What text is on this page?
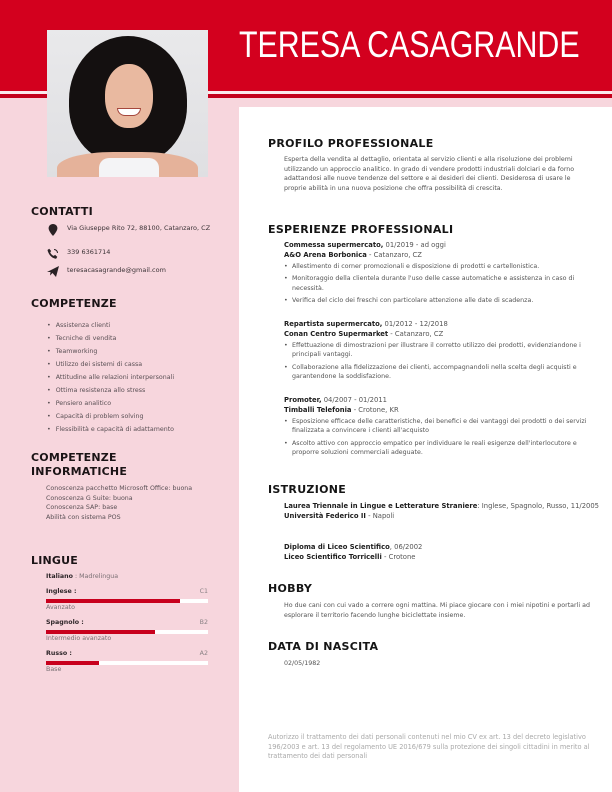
TERESA CASAGRANDE
CONTATTI
Via Giuseppe Rito 72, 88100, Catanzaro, CZ
339 6361714
teresacasagrande@gmail.com
COMPETENZE
• Assistenza clienti
• Tecniche di vendita
• Teamworking
• Utilizzo dei sistemi di cassa
• Attitudine alle relazioni interpersonali
• Ottima resistenza allo stress
• Pensiero analitico
• Capacità di problem solving
• Flessibilità e capacità di adattamento
COMPETENZE
INFORMATICHE
Conoscenza pacchetto Microsoft Office: buona
Conoscenza G Suite: buona
Conoscenza SAP: base
Abilità con sistema POS
LINGUE
Italiano : Madrelingua
Inglese :	C1
Avanzato
Spagnolo :	B2
Intermedio avanzato
Russo :	A2
Base
PROFILO PROFESSIONALE
Esperta della vendita al dettaglio, orientata al servizio clienti e alla risoluzione dei problemi utilizzando un approccio analitico. In grado di vendere prodotti industriali dolciari e da forno adattandosi alle nuove tendenze del settore e ai desideri dei clienti. Desiderosa di usare le proprie abilità in una nuova posizione che offra possibilità di crescita.
ESPERIENZE PROFESSIONALI
Commessa supermercato, 01/2019 - ad oggi
A&O Arena Borbonica - Catanzaro, CZ
• Allestimento di corner promozionali e disposizione di prodotti e cartellonistica.
• Monitoraggio della clientela durante l'uso delle casse automatiche e assistenza in caso di necessità.
• Verifica del ciclo dei freschi con particolare attenzione alle date di scadenza.
Repartista supermercato, 01/2012 - 12/2018
Conan Centro Supermarket - Catanzaro, CZ
• Effettuazione di dimostrazioni per illustrare il corretto utilizzo dei prodotti, evidenziandone i principali vantaggi.
• Collaborazione alla fidelizzazione dei clienti, accompagnandoli nella scelta degli acquisti e garantendone la soddisfazione.
Promoter, 04/2007 - 01/2011
Timballi Telefonia - Crotone, KR
• Esposizione efficace delle caratteristiche, dei benefici e dei vantaggi dei prodotti o dei servizi finalizzata a convincere i clienti all'acquisto
• Ascolto attivo con approccio empatico per individuare le reali esigenze dell'interlocutore e proporre soluzioni commerciali adeguate.
ISTRUZIONE
Laurea Triennale in Lingue e Letterature Straniere: Inglese, Spagnolo, Russo, 11/2005
Università Federico II - Napoli
Diploma di Liceo Scientifico, 06/2002
Liceo Scientifico Torricelli - Crotone
HOBBY
Ho due cani con cui vado a correre ogni mattina. Mi piace giocare con i miei nipotini e portarli ad esplorare il territorio facendo lunghe biciclettate insieme.
DATA DI NASCITA
02/05/1982
Autorizzo il trattamento dei dati personali contenuti nel mio CV ex art. 13 del decreto legislativo 196/2003 e art. 13 del regolamento UE 2016/679 sulla protezione dei singoli cittadini in merito al trattamento dei dati personali
